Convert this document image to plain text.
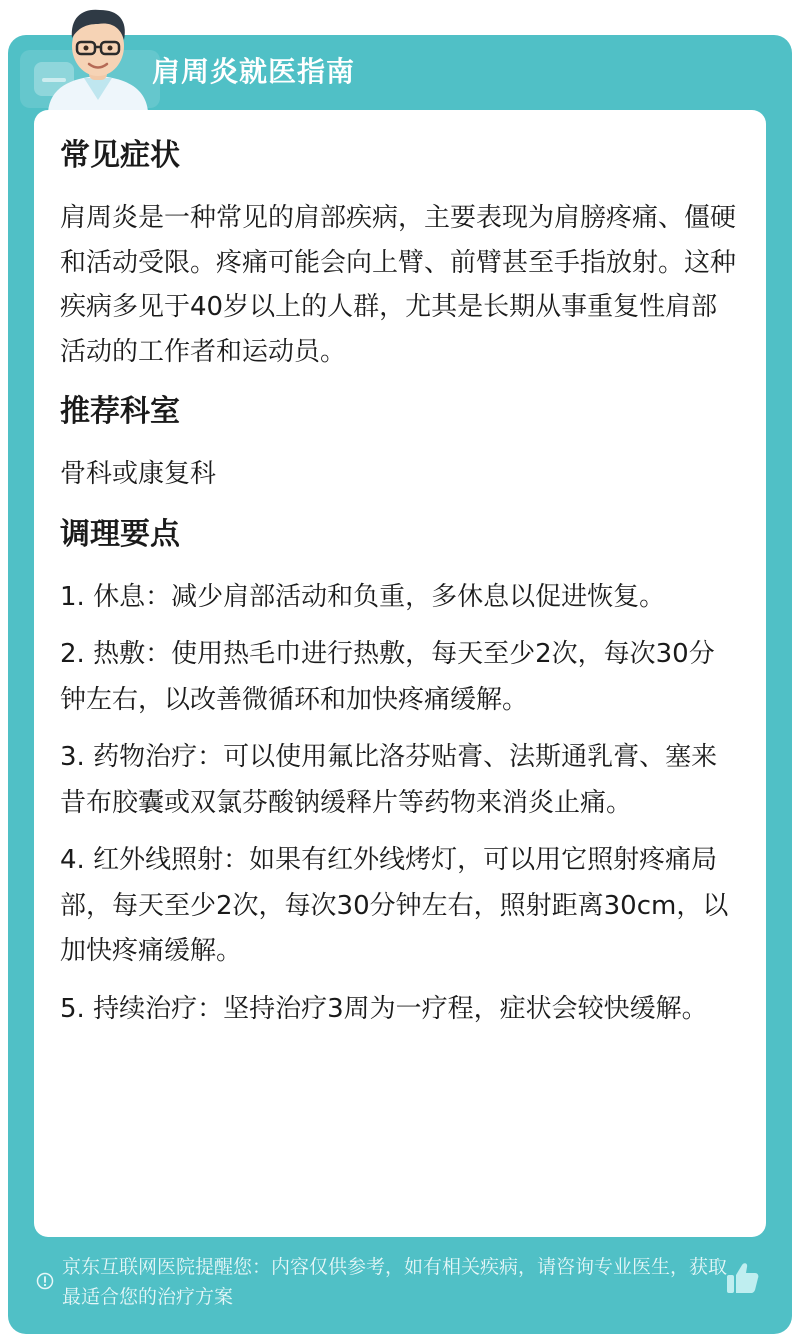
肩周炎就医指南
常见症状

肩周炎是一种常见的肩部疾病，主要表现为肩膀疼痛、僵硬和活动受限。疼痛可能会向上臂、前臂甚至手指放射。这种疾病多见于40岁以上的人群，尤其是长期从事重复性肩部活动的工作者和运动员。

推荐科室

骨科或康复科

调理要点
1. 休息：减少肩部活动和负重，多休息以促进恢复。
2. 热敷：使用热毛巾进行热敷，每天至少2次，每次30分钟左右，以改善微循环和加快疼痛缓解。
3. 药物治疗：可以使用氟比洛芬贴膏、法斯通乳膏、塞来昔布胶囊或双氯芬酸钠缓释片等药物来消炎止痛。
4. 红外线照射：如果有红外线烤灯，可以用它照射疼痛局部，每天至少2次，每次30分钟左右，照射距离30cm，以加快疼痛缓解。
5. 持续治疗：坚持治疗3周为一疗程，症状会较快缓解。
京东互联网医院提醒您：内容仅供参考，如有相关疾病，请咨询专业医生，获取最适合您的治疗方案
